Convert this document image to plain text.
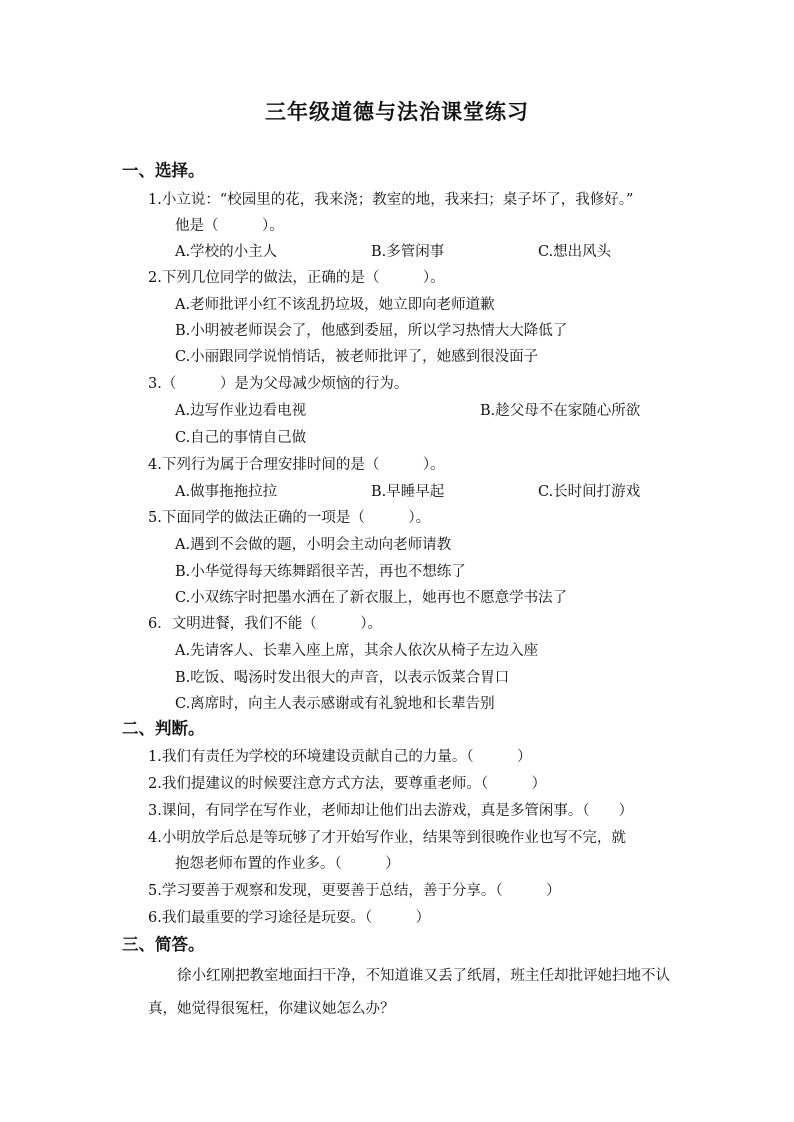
三年级道德与法治课堂练习
一、选择。
1.小立说：“校园里的花，我来浇；教室的地，我来扫；桌子坏了，我修好。”
他是（　　　）。
A.学校的小主人	B.多管闲事	C.想出风头
2.下列几位同学的做法，正确的是（　　　）。
A.老师批评小红不该乱扔垃圾，她立即向老师道歉
B.小明被老师误会了，他感到委屈，所以学习热情大大降低了
C.小丽跟同学说悄悄话，被老师批评了，她感到很没面子
3.（　　　）是为父母减少烦恼的行为。
A.边写作业边看电视	B.趁父母不在家随心所欲
C.自己的事情自己做
4.下列行为属于合理安排时间的是（　　　）。
A.做事拖拖拉拉	B.早睡早起	C.长时间打游戏
5.下面同学的做法正确的一项是（　　　）。
A.遇到不会做的题，小明会主动向老师请教
B.小华觉得每天练舞蹈很辛苦，再也不想练了
C.小双练字时把墨水洒在了新衣服上，她再也不愿意学书法了
6．文明进餐，我们不能（　　　）。
A.先请客人、长辈入座上席，其余人依次从椅子左边入座
B.吃饭、喝汤时发出很大的声音，以表示饭菜合胃口
C.离席时，向主人表示感谢或有礼貌地和长辈告别
二、判断。
1.我们有责任为学校的环境建设贡献自己的力量。（　　　）
2.我们提建议的时候要注意方式方法，要尊重老师。（　　　）
3.课间，有同学在写作业，老师却让他们出去游戏，真是多管闲事。（　　）
4.小明放学后总是等玩够了才开始写作业，结果等到很晚作业也写不完，就
抱怨老师布置的作业多。（　　　）
5.学习要善于观察和发现，更要善于总结，善于分享。（　　　）
6.我们最重要的学习途径是玩耍。（　　　）
三、简答。
徐小红刚把教室地面扫干净，不知道谁又丢了纸屑，班主任却批评她扫地不认真，她觉得很冤枉，你建议她怎么办？
